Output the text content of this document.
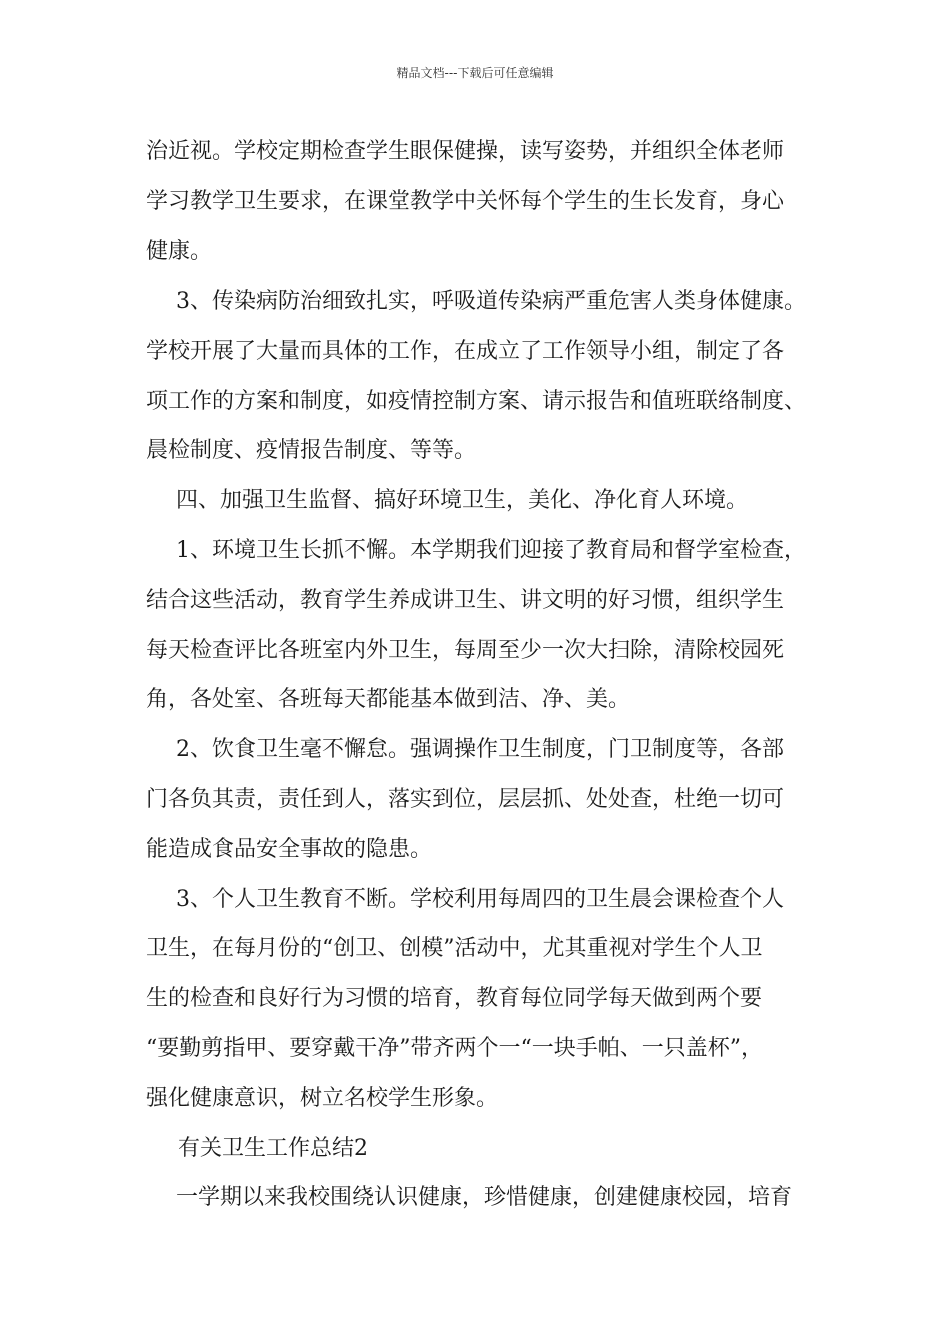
精品文档---下载后可任意编辑
治近视。学校定期检查学生眼保健操，读写姿势，并组织全体老师
学习教学卫生要求，在课堂教学中关怀每个学生的生长发育，身心
健康。
3、传染病防治细致扎实，呼吸道传染病严重危害人类身体健康。
学校开展了大量而具体的工作，在成立了工作领导小组，制定了各
项工作的方案和制度，如疫情控制方案、请示报告和值班联络制度、
晨检制度、疫情报告制度、等等。
四、加强卫生监督、搞好环境卫生，美化、净化育人环境。
1、环境卫生长抓不懈。本学期我们迎接了教育局和督学室检查，
结合这些活动，教育学生养成讲卫生、讲文明的好习惯，组织学生
每天检查评比各班室内外卫生，每周至少一次大扫除，清除校园死
角，各处室、各班每天都能基本做到洁、净、美。
2、饮食卫生毫不懈怠。强调操作卫生制度，门卫制度等，各部
门各负其责，责任到人，落实到位，层层抓、处处查，杜绝一切可
能造成食品安全事故的隐患。
3、个人卫生教育不断。学校利用每周四的卫生晨会课检查个人
卫生，在每月份的“创卫、创模”活动中，尤其重视对学生个人卫
生的检查和良好行为习惯的培育，教育每位同学每天做到两个要
“要勤剪指甲、要穿戴干净”带齐两个一“一块手帕、一只盖杯”，
强化健康意识，树立名校学生形象。
有关卫生工作总结2
一学期以来我校围绕认识健康，珍惜健康，创建健康校园，培育
